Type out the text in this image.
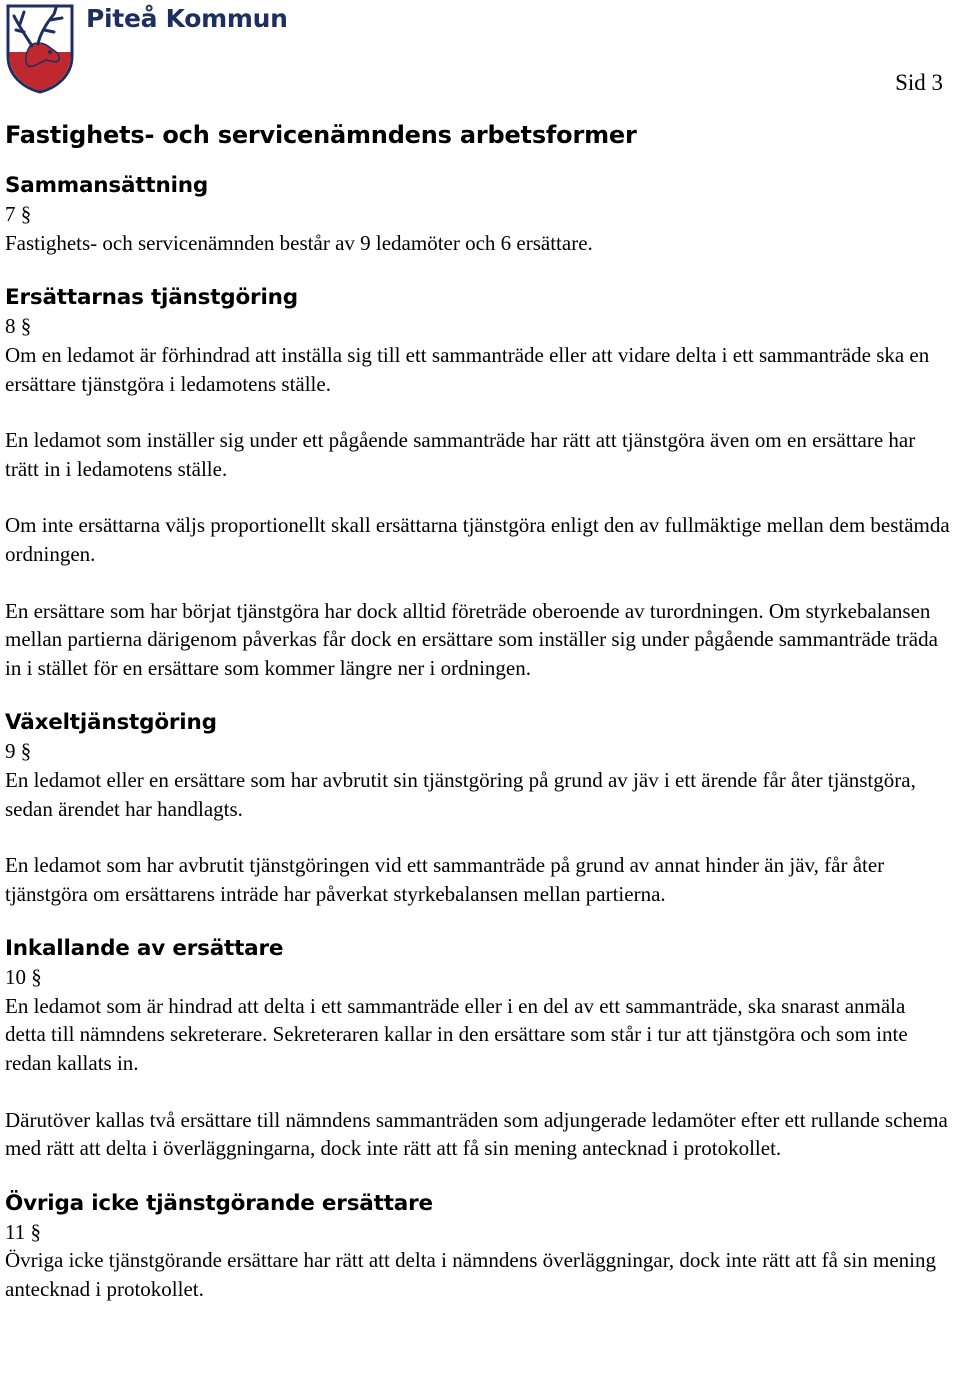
Piteå Kommun
Sid 3
Fastighets- och servicenämndens arbetsformer
Sammansättning

7 §

Fastighets- och servicenämnden består av 9 ledamöter och 6 ersättare.

Ersättarnas tjänstgöring

8 §

Om en ledamot är förhindrad att inställa sig till ett sammanträde eller att vidare delta i ett sammanträde ska en ersättare tjänstgöra i ledamotens ställe.

En ledamot som inställer sig under ett pågående sammanträde har rätt att tjänstgöra även om en ersättare har trätt in i ledamotens ställe.

Om inte ersättarna väljs proportionellt skall ersättarna tjänstgöra enligt den av fullmäktige mellan dem bestämda ordningen.

En ersättare som har börjat tjänstgöra har dock alltid företräde oberoende av turordningen. Om styrkebalansen mellan partierna därigenom påverkas får dock en ersättare som inställer sig under pågående sammanträde träda in i stället för en ersättare som kommer längre ner i ordningen.

Växeltjänstgöring

9 §

En ledamot eller en ersättare som har avbrutit sin tjänstgöring på grund av jäv i ett ärende får åter tjänstgöra, sedan ärendet har handlagts.

En ledamot som har avbrutit tjänstgöringen vid ett sammanträde på grund av annat hinder än jäv, får åter tjänstgöra om ersättarens inträde har påverkat styrkebalansen mellan partierna.

Inkallande av ersättare

10 §

En ledamot som är hindrad att delta i ett sammanträde eller i en del av ett sammanträde, ska snarast anmäla detta till nämndens sekreterare. Sekreteraren kallar in den ersättare som står i tur att tjänstgöra och som inte redan kallats in.

Därutöver kallas två ersättare till nämndens sammanträden som adjungerade ledamöter efter ett rullande schema med rätt att delta i överläggningarna, dock inte rätt att få sin mening antecknad i protokollet.

Övriga icke tjänstgörande ersättare

11 §

Övriga icke tjänstgörande ersättare har rätt att delta i nämndens överläggningar, dock inte rätt att få sin mening antecknad i protokollet.
